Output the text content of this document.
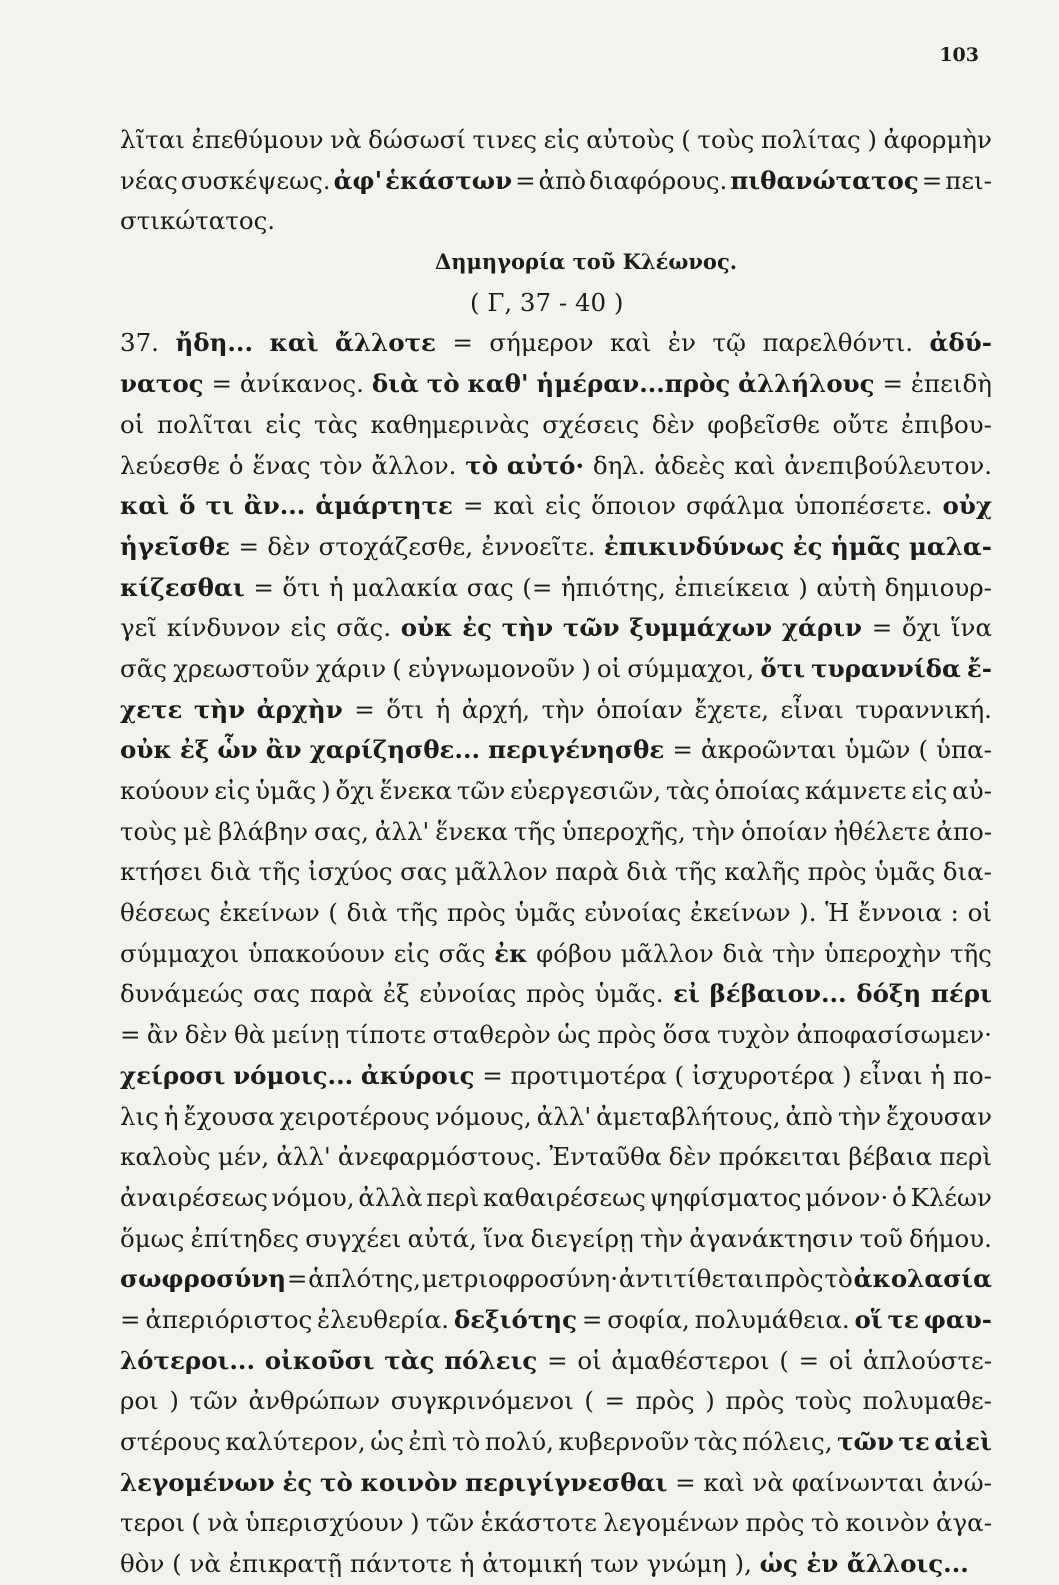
103
λῖται ἐπεθύμουν νὰ δώσωσί τινες εἰς αὐτοὺς ( τοὺς πολίτας ) ἀφορμὴν
νέας συσκέψεως. ἀφ' ἑκάστων = ἀπὸ διαφόρους. πιθανώτατος = πει-
στικώτατος.
Δημηγορία τοῦ Κλέωνος.
( Γ, 37 - 40 )
37. ἤδη... καὶ ἄλλοτε = σήμερον καὶ ἐν τῷ παρελθόντι. ἀδύ-
νατος = ἀνίκανος. διὰ τὸ καθ' ἡμέραν...πρὸς ἀλλήλους = ἐπειδὴ
οἱ πολῖται εἰς τὰς καθημερινὰς σχέσεις δὲν φοβεῖσθε οὔτε ἐπιβου-
λεύεσθε ὁ ἕνας τὸν ἄλλον. τὸ αὐτό· δηλ. ἀδεὲς καὶ ἀνεπιβούλευτον.
καὶ ὅ τι ἂν... ἁμάρτητε = καὶ εἰς ὅποιον σφάλμα ὑποπέσετε. οὐχ
ἡγεῖσθε = δὲν στοχάζεσθε, ἐννοεῖτε. ἐπικινδύνως ἐς ἡμᾶς μαλα-
κίζεσθαι = ὅτι ἡ μαλακία σας (= ἠπιότης, ἐπιείκεια ) αὐτὴ δημιουρ-
γεῖ κίνδυνον εἰς σᾶς. οὐκ ἐς τὴν τῶν ξυμμάχων χάριν = ὄχι ἵνα
σᾶς χρεωστοῦν χάριν ( εὐγνωμονοῦν ) οἱ σύμμαχοι, ὅτι τυραννίδα ἔ-
χετε τὴν ἀρχὴν = ὅτι ἡ ἀρχή, τὴν ὁποίαν ἔχετε, εἶναι τυραννική.
οὐκ ἐξ ὧν ἂν χαρίζησθε... περιγένησθε = ἀκροῶνται ὑμῶν ( ὑπα-
κούουν εἰς ὑμᾶς ) ὄχι ἕνεκα τῶν εὐεργεσιῶν, τὰς ὁποίας κάμνετε εἰς αὐ-
τοὺς μὲ βλάβην σας, ἀλλ' ἕνεκα τῆς ὑπεροχῆς, τὴν ὁποίαν ἠθέλετε ἀπο-
κτήσει διὰ τῆς ἰσχύος σας μᾶλλον παρὰ διὰ τῆς καλῆς πρὸς ὑμᾶς δια-
θέσεως ἐκείνων ( διὰ τῆς πρὸς ὑμᾶς εὐνοίας ἐκείνων ). Ἡ ἔννοια : οἱ
σύμμαχοι ὑπακούουν εἰς σᾶς ἐκ φόβου μᾶλλον διὰ τὴν ὑπεροχὴν τῆς
δυνάμεώς σας παρὰ ἐξ εὐνοίας πρὸς ὑμᾶς. εἰ βέβαιον... δόξη πέρι
= ἂν δὲν θὰ μείνῃ τίποτε σταθερὸν ὡς πρὸς ὅσα τυχὸν ἀποφασίσωμεν·
χείροσι νόμοις... ἀκύροις = προτιμοτέρα ( ἰσχυροτέρα ) εἶναι ἡ πο-
λις ἡ ἔχουσα χειροτέρους νόμους, ἀλλ' ἀμεταβλήτους, ἀπὸ τὴν ἔχουσαν
καλοὺς μέν, ἀλλ' ἀνεφαρμόστους. Ἐνταῦθα δὲν πρόκειται βέβαια περὶ
ἀναιρέσεως νόμου, ἀλλὰ περὶ καθαιρέσεως ψηφίσματος μόνον· ὁ Κλέων
ὅμως ἐπίτηδες συγχέει αὐτά, ἵνα διεγείρῃ τὴν ἀγανάκτησιν τοῦ δήμου.
σωφροσύνη = ἁπλότης, μετριοφροσύνη· ἀντιτίθεται πρὸς τὸ ἀκολασία
= ἀπεριόριστος ἐλευθερία. δεξιότης = σοφία, πολυμάθεια. οἵ τε φαυ-
λότεροι... οἰκοῦσι τὰς πόλεις = οἱ ἀμαθέστεροι ( = οἱ ἁπλούστε-
ροι ) τῶν ἀνθρώπων συγκρινόμενοι ( = πρὸς ) πρὸς τοὺς πολυμαθε-
στέρους καλύτερον, ὡς ἐπὶ τὸ πολύ, κυβερνοῦν τὰς πόλεις, τῶν τε αἰεὶ
λεγομένων ἐς τὸ κοινὸν περιγίγνεσθαι = καὶ νὰ φαίνωνται ἀνώ-
τεροι ( νὰ ὑπερισχύουν ) τῶν ἑκάστοτε λεγομένων πρὸς τὸ κοινὸν ἀγα-
θὸν ( νὰ ἐπικρατῇ πάντοτε ἡ ἀτομική των γνώμη ), ὡς ἐν ἄλλοις...
